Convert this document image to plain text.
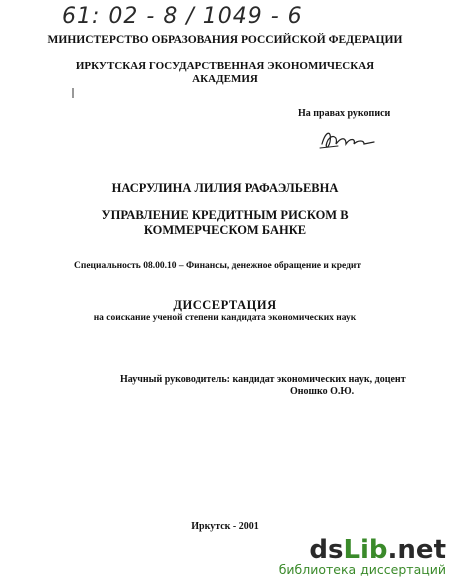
61: 02 - 8 / 1049 - 6
МИНИСТЕРСТВО ОБРАЗОВАНИЯ РОССИЙСКОЙ ФЕДЕРАЦИИ
ИРКУТСКАЯ ГОСУДАРСТВЕННАЯ ЭКОНОМИЧЕСКАЯ
АКАДЕМИЯ
На правах рукописи
НАСРУЛИНА ЛИЛИЯ РАФАЭЛЬЕВНА
УПРАВЛЕНИЕ КРЕДИТНЫМ РИСКОМ В
КОММЕРЧЕСКОМ БАНКЕ
Специальность 08.00.10 – Финансы, денежное обращение и кредит
ДИССЕРТАЦИЯ
на соискание ученой степени кандидата экономических наук
Научный руководитель: кандидат экономических наук, доцент
Оношко О.Ю.
Иркутск - 2001
dsLib.net
библиотека диссертаций
